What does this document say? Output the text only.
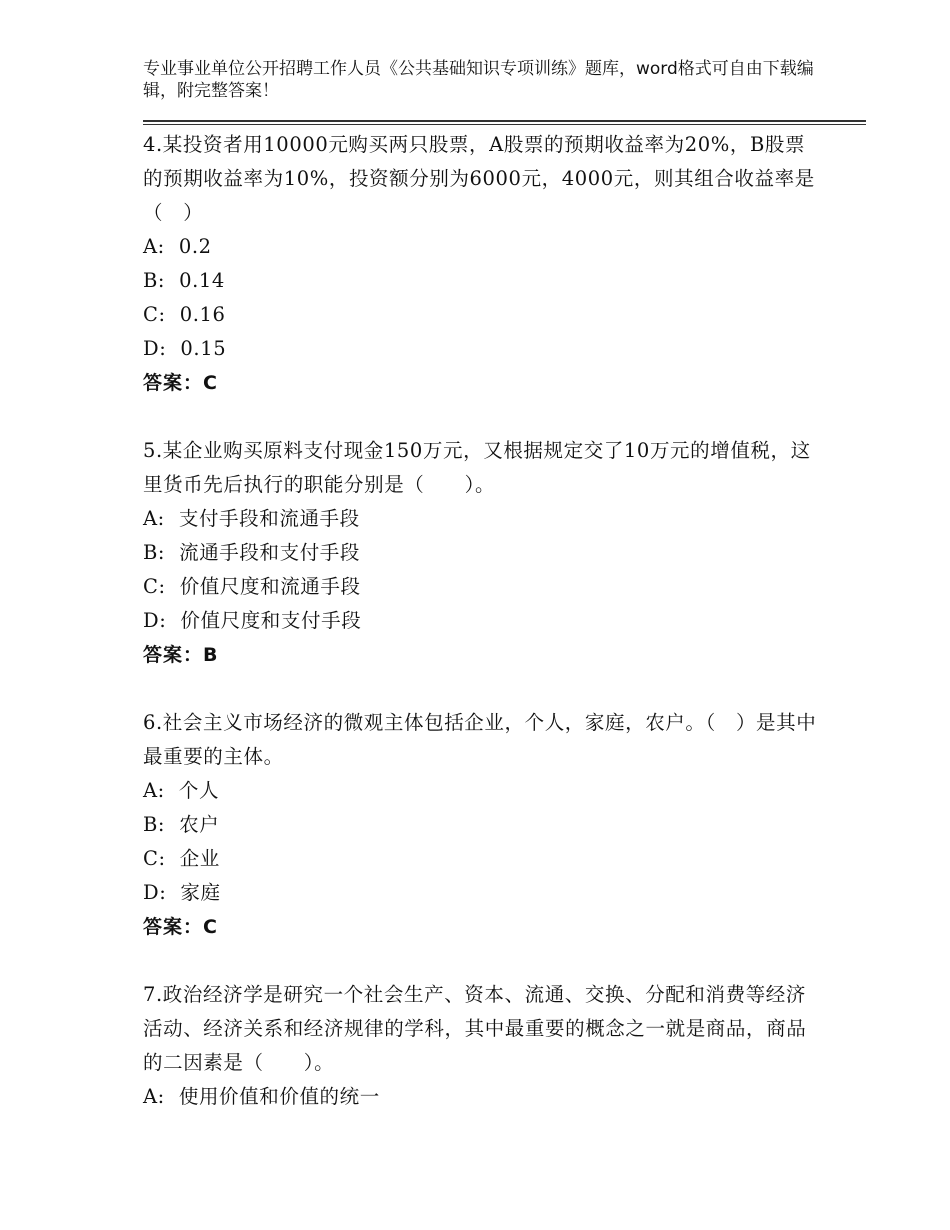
专业事业单位公开招聘工作人员《公共基础知识专项训练》题库，word格式可自由下载编辑，附完整答案！
4.某投资者用10000元购买两只股票，A股票的预期收益率为20%，B股票的预期收益率为10%，投资额分别为6000元，4000元，则其组合收益率是（　）
A: 0.2
B: 0.14
C: 0.16
D: 0.15
答案：C
5.某企业购买原料支付现金150万元，又根据规定交了10万元的增值税，这里货币先后执行的职能分别是（　　）。
A: 支付手段和流通手段
B: 流通手段和支付手段
C: 价值尺度和流通手段
D: 价值尺度和支付手段
答案：B
6.社会主义市场经济的微观主体包括企业，个人，家庭，农户。（　）是其中最重要的主体。
A: 个人
B: 农户
C: 企业
D: 家庭
答案：C
7.政治经济学是研究一个社会生产、资本、流通、交换、分配和消费等经济活动、经济关系和经济规律的学科，其中最重要的概念之一就是商品，商品的二因素是（　　）。
A: 使用价值和价值的统一
